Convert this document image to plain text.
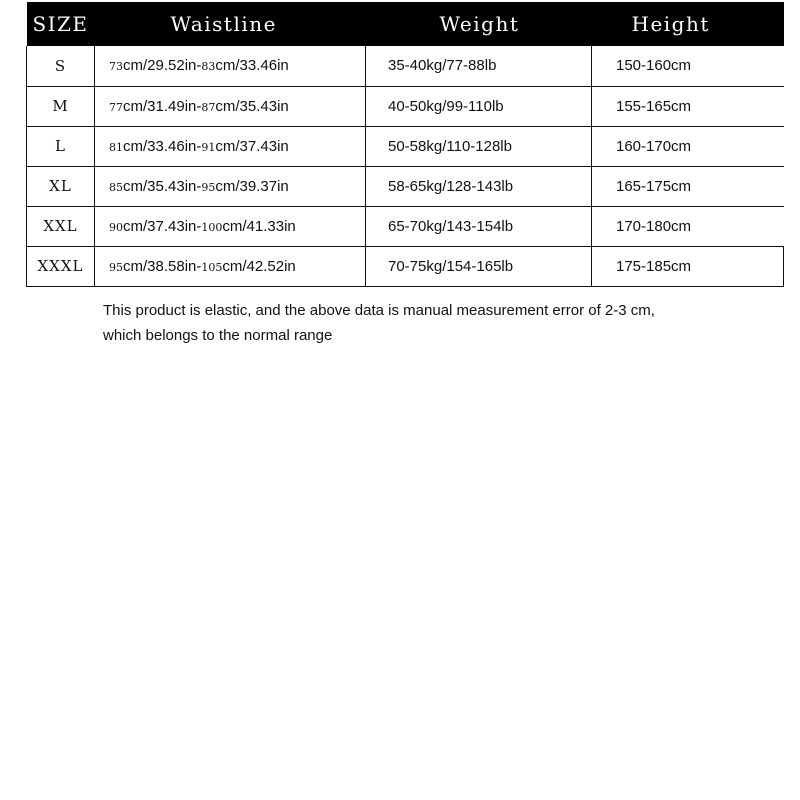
SIZE	Waistline	Weight	Height
S	73cm/29.52in-83cm/33.46in	35-40kg/77-88lb	150-160cm
M	77cm/31.49in-87cm/35.43in	40-50kg/99-110lb	155-165cm
L	81cm/33.46in-91cm/37.43in	50-58kg/110-128lb	160-170cm
XL	85cm/35.43in-95cm/39.37in	58-65kg/128-143lb	165-175cm
XXL	90cm/37.43in-100cm/41.33in	65-70kg/143-154lb	170-180cm
XXXL	95cm/38.58in-105cm/42.52in	70-75kg/154-165lb	175-185cm
This product is elastic, and the above data is manual measurement error of 2-3 cm,
which belongs to the normal range
